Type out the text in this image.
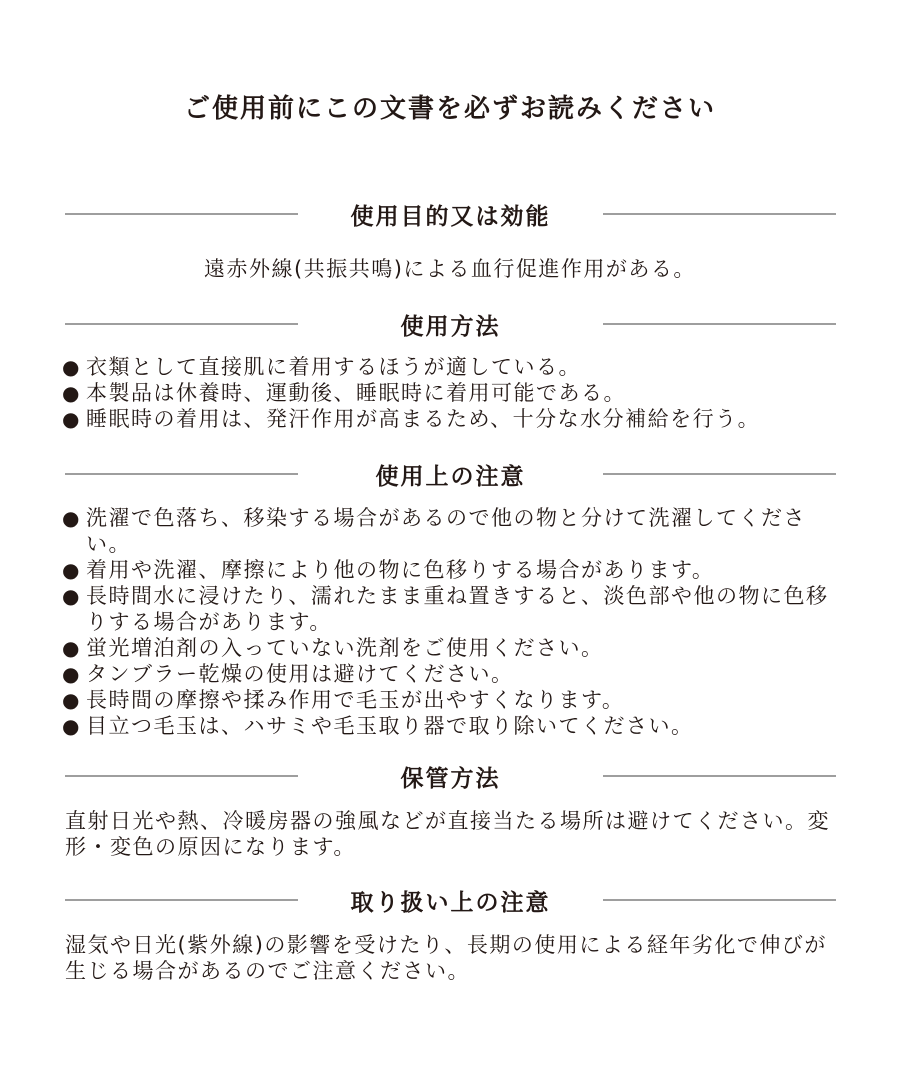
ご使用前にこの文書を必ずお読みください
使用目的又は効能
遠赤外線(共振共鳴)による血行促進作用がある。
使用方法
● 衣類として直接肌に着用するほうが適している。
● 本製品は休養時、運動後、睡眠時に着用可能である。
● 睡眠時の着用は、発汗作用が高まるため、十分な水分補給を行う。
使用上の注意
● 洗濯で色落ち、移染する場合があるので他の物と分けて洗濯してください。
● 着用や洗濯、摩擦により他の物に色移りする場合があります。
● 長時間水に浸けたり、濡れたまま重ね置きすると、淡色部や他の物に色移りする場合があります。
● 蛍光増泊剤の入っていない洗剤をご使用ください。
● タンブラー乾燥の使用は避けてください。
● 長時間の摩擦や揉み作用で毛玉が出やすくなります。
● 目立つ毛玉は、ハサミや毛玉取り器で取り除いてください。
保管方法
直射日光や熱、冷暖房器の強風などが直接当たる場所は避けてください。変形・変色の原因になります。
取り扱い上の注意
湿気や日光(紫外線)の影響を受けたり、長期の使用による経年劣化で伸びが生じる場合があるのでご注意ください。
